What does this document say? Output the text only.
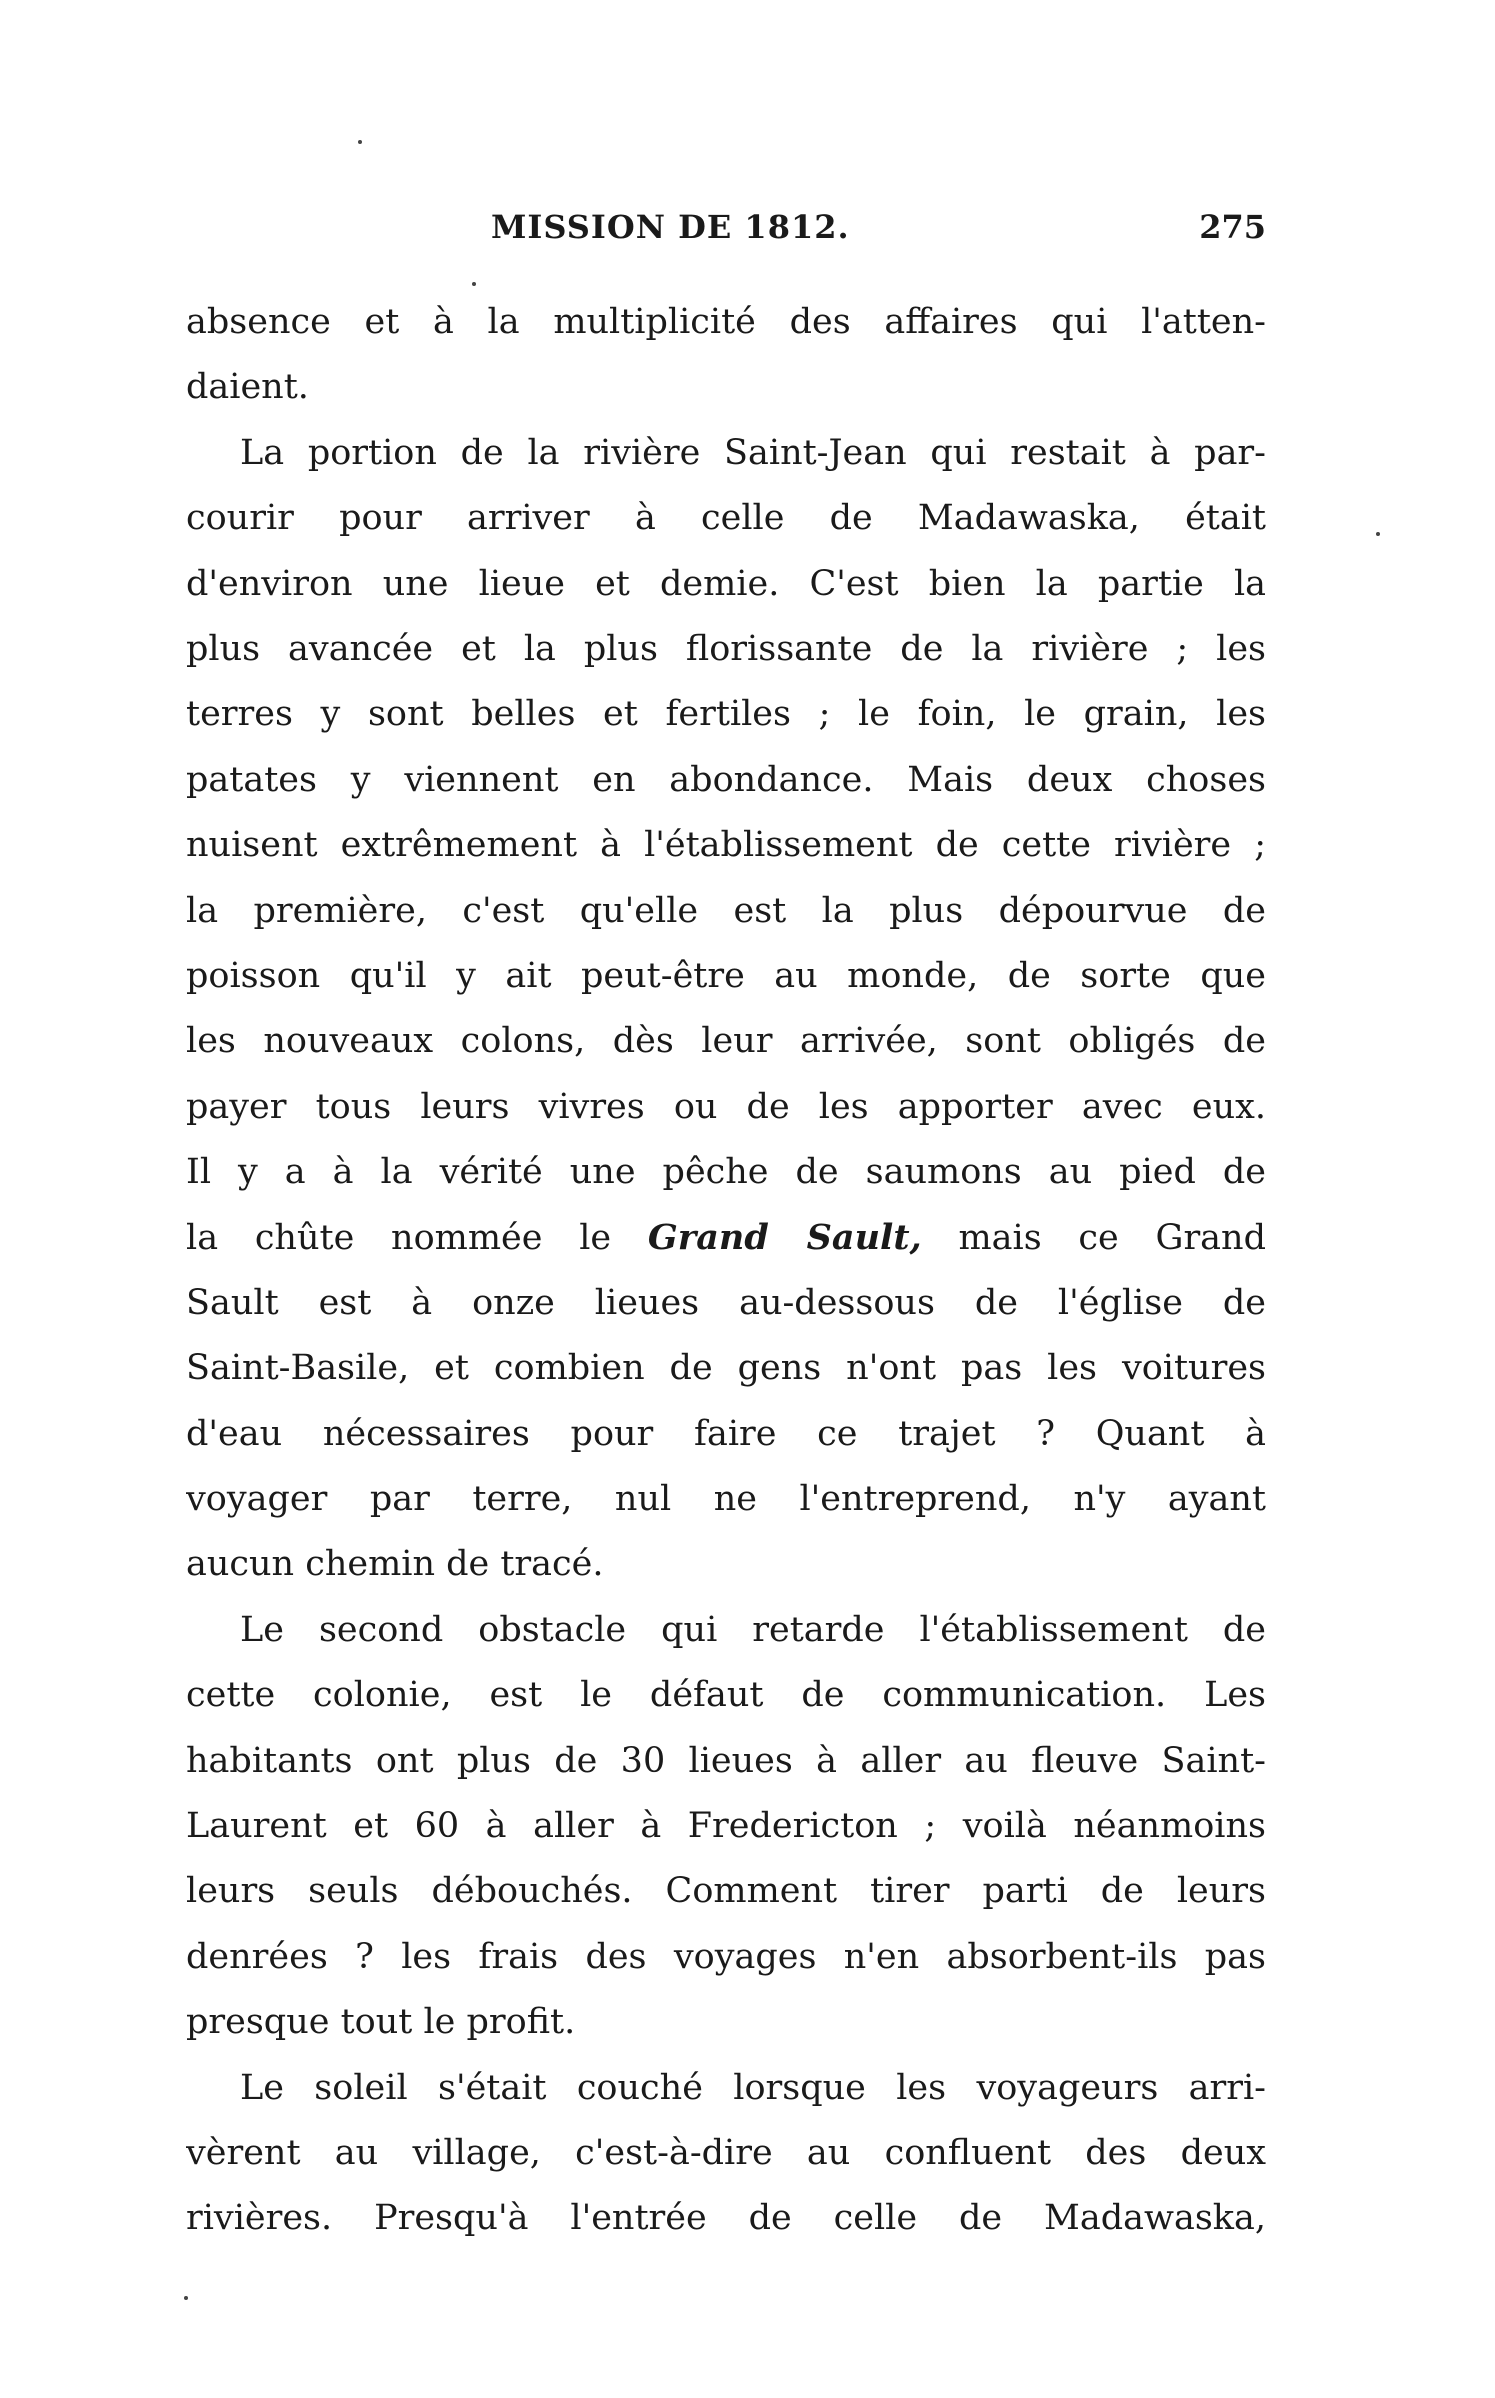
MISSION DE 1812.	275
absence et à la multiplicité des affaires qui l'atten-
daient.
La portion de la rivière Saint-Jean qui restait à par-
courir pour arriver à celle de Madawaska, était
d'environ une lieue et demie. C'est bien la partie la
plus avancée et la plus florissante de la rivière ; les
terres y sont belles et fertiles ; le foin, le grain, les
patates y viennent en abondance. Mais deux choses
nuisent extrêmement à l'établissement de cette rivière ;
la première, c'est qu'elle est la plus dépourvue de
poisson qu'il y ait peut-être au monde, de sorte que
les nouveaux colons, dès leur arrivée, sont obligés de
payer tous leurs vivres ou de les apporter avec eux.
Il y a à la vérité une pêche de saumons au pied de
la chûte nommée le Grand Sault, mais ce Grand
Sault est à onze lieues au-dessous de l'église de
Saint-Basile, et combien de gens n'ont pas les voitures
d'eau nécessaires pour faire ce trajet ? Quant à
voyager par terre, nul ne l'entreprend, n'y ayant
aucun chemin de tracé.
Le second obstacle qui retarde l'établissement de
cette colonie, est le défaut de communication. Les
habitants ont plus de 30 lieues à aller au fleuve Saint-
Laurent et 60 à aller à Fredericton ; voilà néanmoins
leurs seuls débouchés. Comment tirer parti de leurs
denrées ? les frais des voyages n'en absorbent-ils pas
presque tout le profit.
Le soleil s'était couché lorsque les voyageurs arri-
vèrent au village, c'est-à-dire au confluent des deux
rivières. Presqu'à l'entrée de celle de Madawaska,
